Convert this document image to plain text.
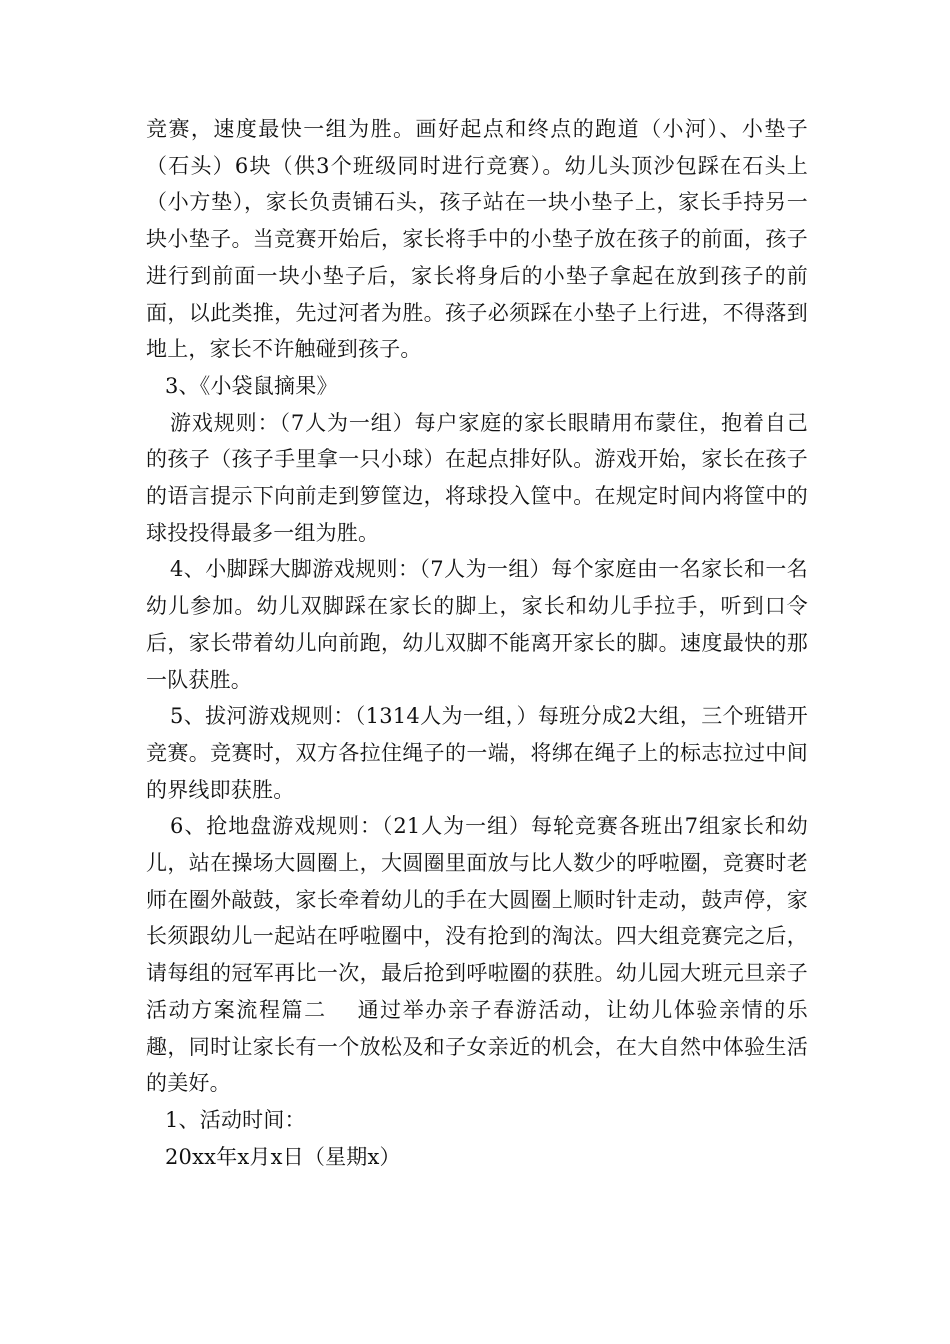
竞赛，速度最快一组为胜。画好起点和终点的跑道（小河）、小垫子（石头）6块（供3个班级同时进行竞赛）。幼儿头顶沙包踩在石头上（小方垫），家长负责铺石头，孩子站在一块小垫子上，家长手持另一块小垫子。当竞赛开始后，家长将手中的小垫子放在孩子的前面，孩子进行到前面一块小垫子后，家长将身后的小垫子拿起在放到孩子的前面，以此类推，先过河者为胜。孩子必须踩在小垫子上行进，不得落到地上，家长不许触碰到孩子。

3、《小袋鼠摘果》

游戏规则：（7人为一组）每户家庭的家长眼睛用布蒙住，抱着自己的孩子（孩子手里拿一只小球）在起点排好队。游戏开始，家长在孩子的语言提示下向前走到箩筐边，将球投入筐中。在规定时间内将筐中的球投投得最多一组为胜。

4、小脚踩大脚游戏规则：（7人为一组）每个家庭由一名家长和一名幼儿参加。幼儿双脚踩在家长的脚上，家长和幼儿手拉手，听到口令后，家长带着幼儿向前跑，幼儿双脚不能离开家长的脚。速度最快的那一队获胜。

5、拔河游戏规则：（1314人为一组，）每班分成2大组，三个班错开竞赛。竞赛时，双方各拉住绳子的一端，将绑在绳子上的标志拉过中间的界线即获胜。

6、抢地盘游戏规则：（21人为一组）每轮竞赛各班出7组家长和幼儿，站在操场大圆圈上，大圆圈里面放与比人数少的呼啦圈，竞赛时老师在圈外敲鼓，家长牵着幼儿的手在大圆圈上顺时针走动，鼓声停，家长须跟幼儿一起站在呼啦圈中，没有抢到的淘汰。四大组竞赛完之后，请每组的冠军再比一次，最后抢到呼啦圈的获胜。幼儿园大班元旦亲子活动方案流程篇二　 通过举办亲子春游活动，让幼儿体验亲情的乐趣，同时让家长有一个放松及和子女亲近的机会，在大自然中体验生活的美好。

1、活动时间：

20xx年x月x日（星期x）
